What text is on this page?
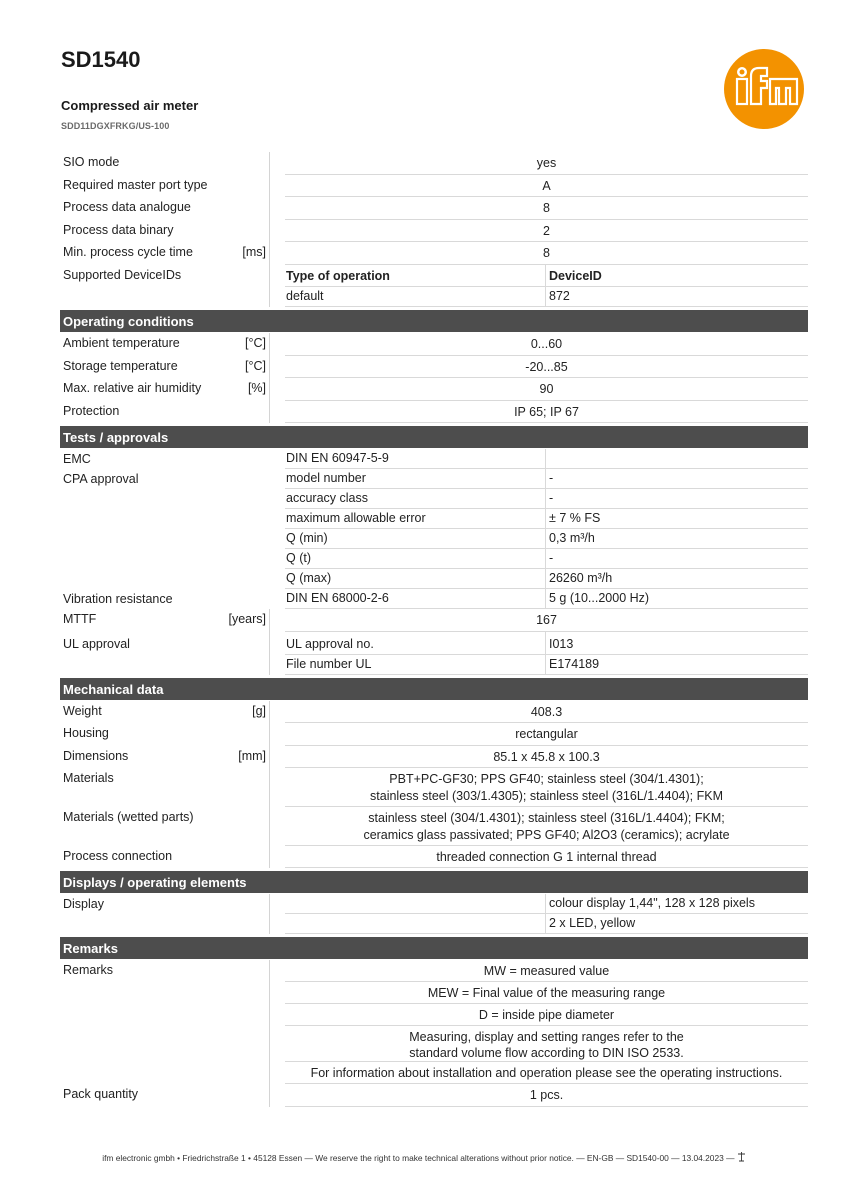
SD1540
Compressed air meter
SDD11DGXFRKG/US-100
SIO mode	yes
Required master port type	A
Process data analogue	8
Process data binary	2
Min. process cycle time	[ms]	8
Supported DeviceIDs	Type of operation	DeviceID
default	872
Operating conditions
Ambient temperature	[°C]	0...60
Storage temperature	[°C]	-20...85
Max. relative air humidity	[%]	90
Protection	IP 65; IP 67
Tests / approvals
EMC	DIN EN 60947-5-9
CPA approval	model number	-
accuracy class	-
maximum allowable error	± 7 % FS
Q (min)	0,3 m³/h
Q (t)	-
Q (max)	26260 m³/h
Vibration resistance	DIN EN 68000-2-6	5 g (10...2000 Hz)
MTTF	[years]	167
UL approval	UL approval no.	I013
File number UL	E174189
Mechanical data
Weight	[g]	408.3
Housing	rectangular
Dimensions	[mm]	85.1 x 45.8 x 100.3
Materials	PBT+PC-GF30; PPS GF40; stainless steel (304/1.4301);
stainless steel (303/1.4305); stainless steel (316L/1.4404); FKM
Materials (wetted parts)	stainless steel (304/1.4301); stainless steel (316L/1.4404); FKM;
ceramics glass passivated; PPS GF40; Al2O3 (ceramics); acrylate
Process connection	threaded connection G 1 internal thread
Displays / operating elements
Display	colour display 1,44", 128 x 128 pixels
2 x LED, yellow
Remarks
Remarks	MW = measured value
MEW = Final value of the measuring range
D = inside pipe diameter
Measuring, display and setting ranges refer to the
standard volume flow according to DIN ISO 2533.
For information about installation and operation please see the operating instructions.
Pack quantity	1 pcs.
ifm electronic gmbh • Friedrichstraße 1 • 45128 Essen — We reserve the right to make technical alterations without prior notice. — EN-GB — SD1540-00 — 13.04.2023 —
